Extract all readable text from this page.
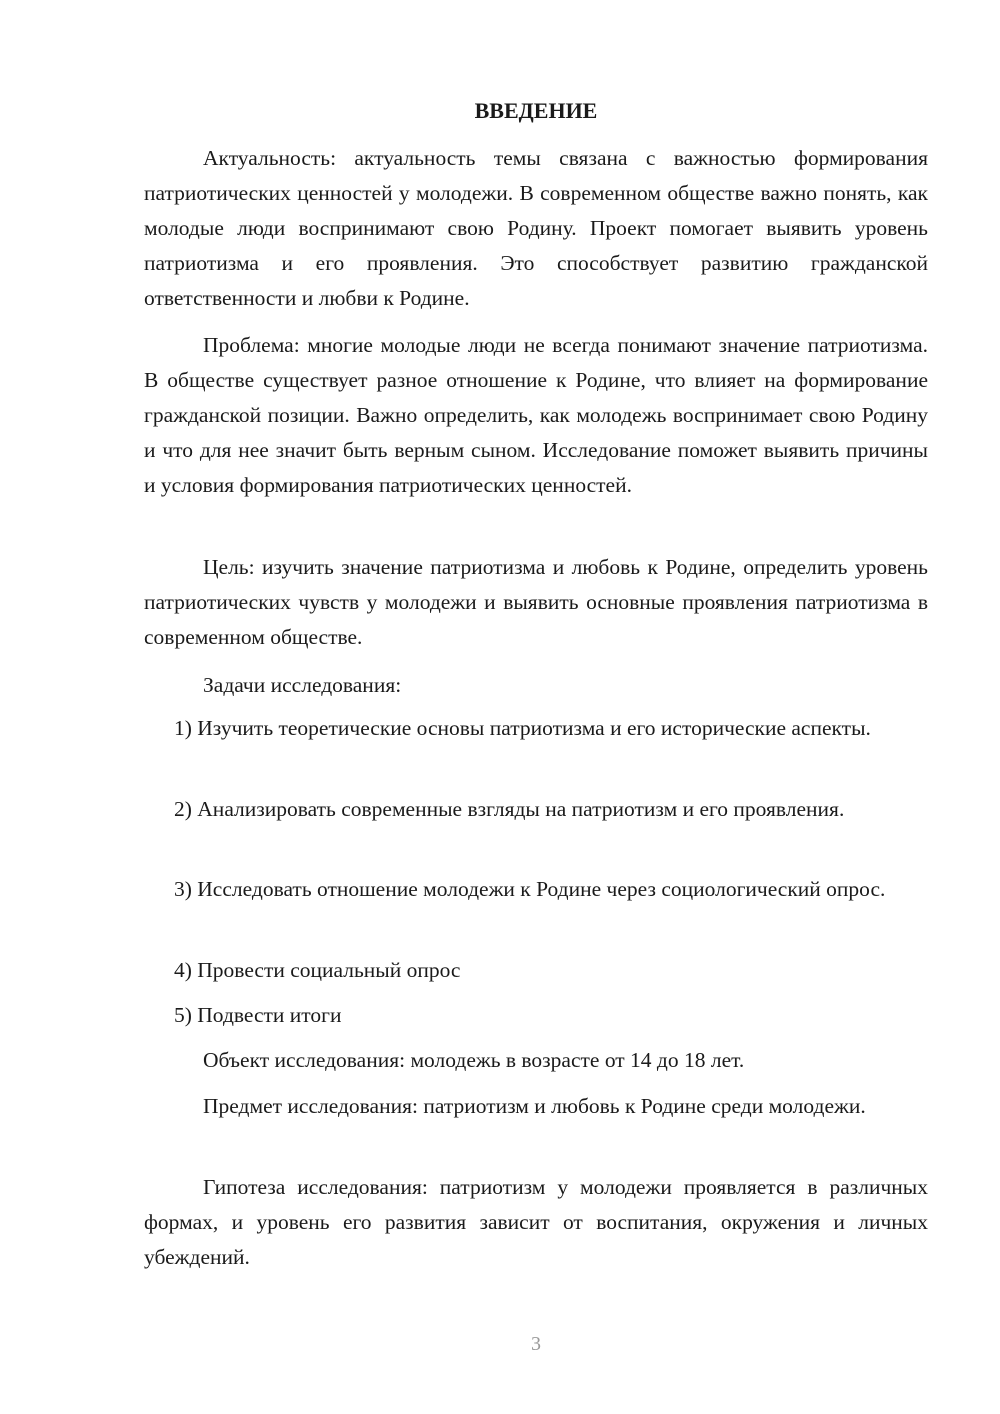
ВВЕДЕНИЕ

Актуальность: актуальность темы связана с важностью формирования патриотических ценностей у молодежи. В современном обществе важно понять, как молодые люди воспринимают свою Родину. Проект помогает выявить уровень патриотизма и его проявления. Это способствует развитию гражданской ответственности и любви к Родине.

Проблема: многие молодые люди не всегда понимают значение патриотизма. В обществе существует разное отношение к Родине, что влияет на формирование гражданской позиции. Важно определить, как молодежь воспринимает свою Родину и что для нее значит быть верным сыном. Исследование поможет выявить причины и условия формирования патриотических ценностей.

Цель: изучить значение патриотизма и любовь к Родине, определить уровень патриотических чувств у молодежи и выявить основные проявления патриотизма в современном обществе.

Задачи исследования:

1) Изучить теоретические основы патриотизма и его исторические аспекты.

2) Анализировать современные взгляды на патриотизм и его проявления.

3) Исследовать отношение молодежи к Родине через социологический опрос.

4) Провести социальный опрос

5) Подвести итоги

Объект исследования: молодежь в возрасте от 14 до 18 лет.

Предмет исследования: патриотизм и любовь к Родине среди молодежи.

Гипотеза исследования: патриотизм у молодежи проявляется в различных формах, и уровень его развития зависит от воспитания, окружения и личных убеждений.

3
